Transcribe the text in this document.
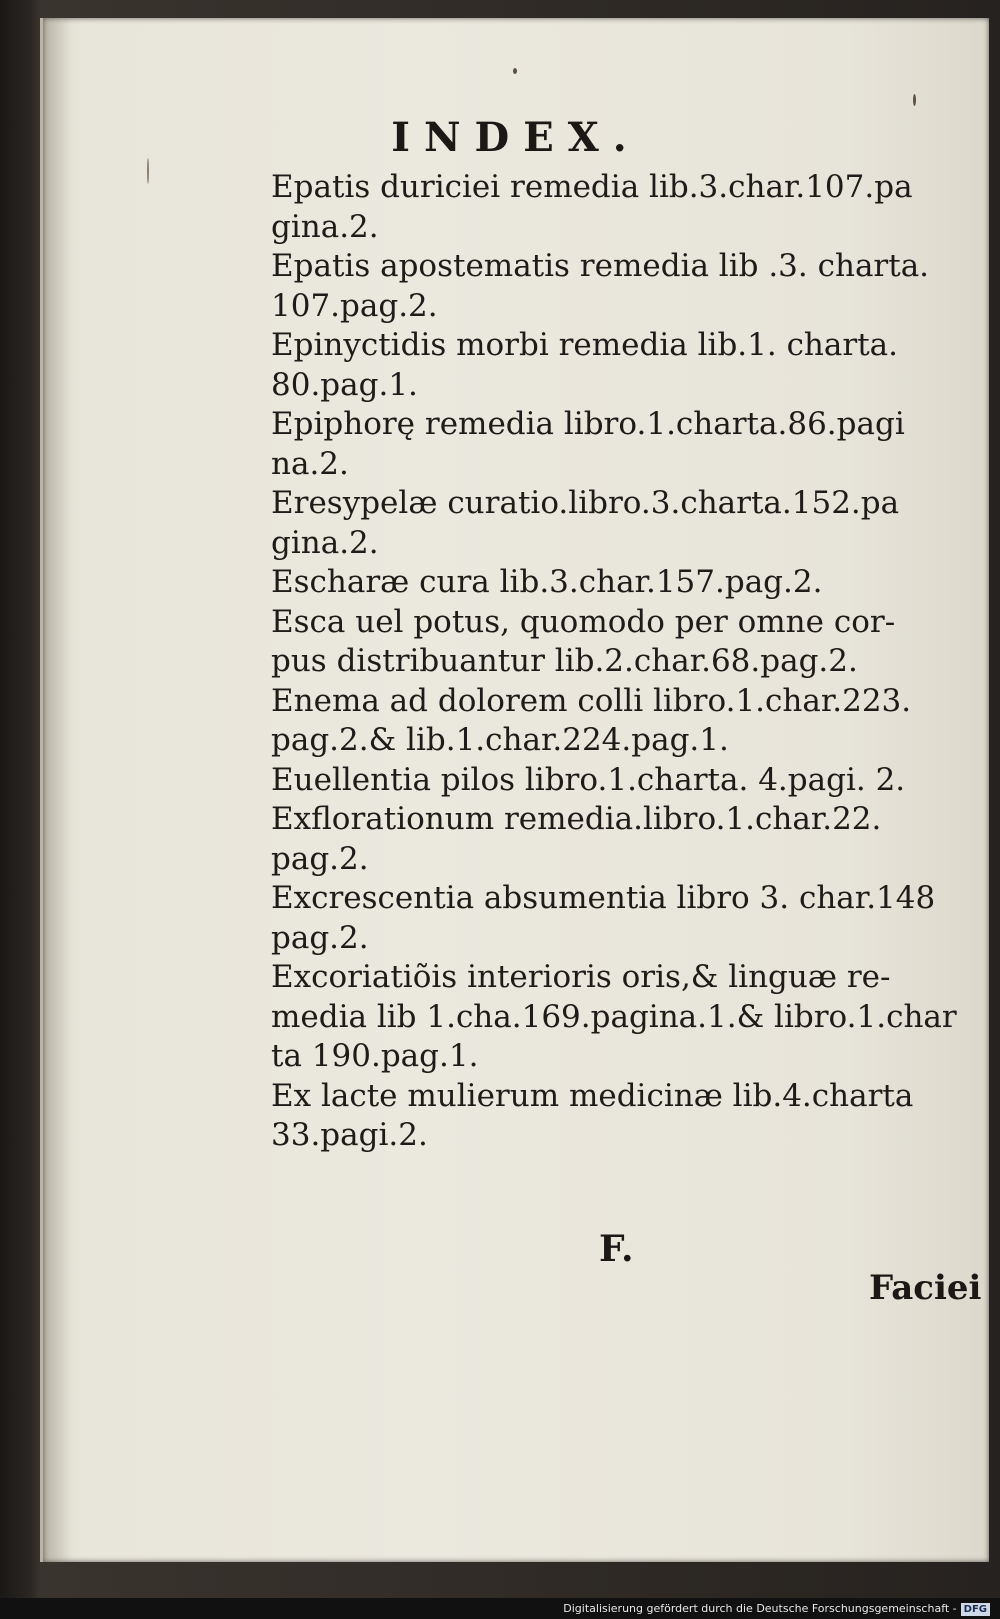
INDEX.
Epatis duriciei remedia lib.3.char.107.pa
gina.2.
Epatis apostematis remedia lib .3. charta.
107.pag.2.
Epinyctidis morbi remedia lib.1. charta.
80.pag.1.
Epiphorę remedia libro.1.charta.86.pagi
na.2.
Eresypelæ curatio.libro.3.charta.152.pa
gina.2.
Escharæ cura lib.3.char.157.pag.2.
Esca uel potus, quomodo per omne cor-
pus distribuantur lib.2.char.68.pag.2.
Enema ad dolorem colli libro.1.char.223.
pag.2.& lib.1.char.224.pag.1.
Euellentia pilos libro.1.charta. 4.pagi. 2.
Exflorationum remedia.libro.1.char.22.
pag.2.
Excrescentia absumentia libro 3. char.148
pag.2.
Excoriatiõis interioris oris,& linguæ re-
media lib 1.cha.169.pagina.1.& libro.1.char
ta 190.pag.1.
Ex lacte mulierum medicinæ lib.4.charta
33.pagi.2.
F.
Faciei
Digitalisierung gefördert durch die Deutsche Forschungsgemeinschaft - DFG
